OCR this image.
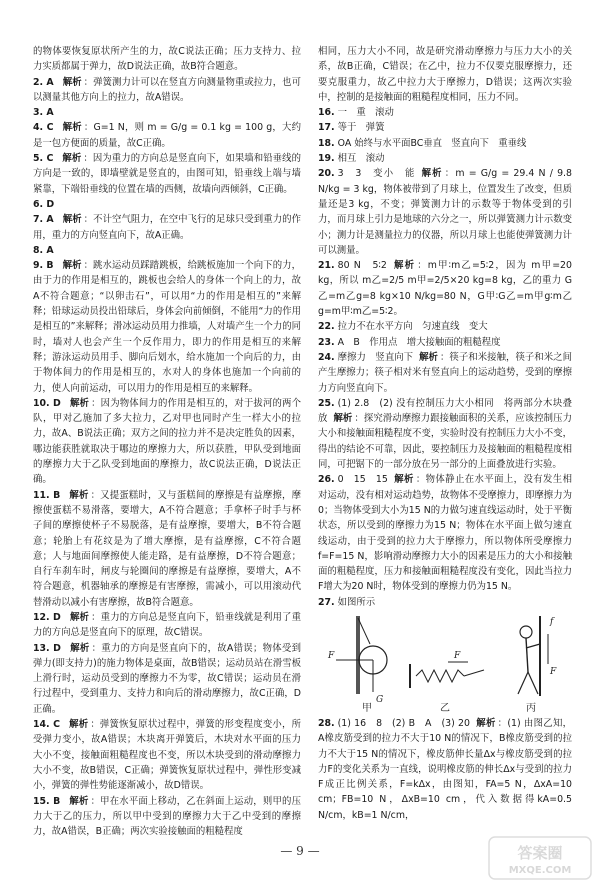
的物体要恢复原状所产生的力，故C说法正确；压力支持力、拉力实质都属于弹力，故D说法正确，故B符合题意。

2. A 解析 ：弹簧测力计可以在竖直方向测量物重或拉力，也可以测量其他方向上的拉力，故A错误。

3. A

4. C 解析 ：G=1 N，则 m = G/g = 0.1 kg = 100 g，大约是一包方便面的质量，故C正确。

5. C 解析 ：因为重力的方向总是竖直向下，如果墙和铅垂线的方向是一致的，即墙壁就是竖直的，由图可知，铅垂线上端与墙紧靠，下端铅垂线的位置在墙的西侧，故墙向西倾斜，C正确。

6. D

7. A 解析 ：不计空气阻力，在空中飞行的足球只受到重力的作用，重力的方向竖直向下，故A正确。

8. A

9. B 解析 ：跳水运动员踩踏跳板，给跳板施加一个向下的力，由于力的作用是相互的，跳板也会给人的身体一个向上的力，故A不符合题意；“以卵击石”，可以用“力的作用是相互的”来解释；铅球运动员投出铅球后，身体会向前倾倒，不能用“力的作用是相互的”来解释；滑冰运动员用力推墙，人对墙产生一个力的同时，墙对人也会产生一个反作用力，即力的作用是相互的来解释；游泳运动员用手、脚向后划水，给水施加一个向后的力，由于物体间力的作用是相互的，水对人的身体也施加一个向前的力，使人向前运动，可以用力的作用是相互的来解释。

10. D 解析 ：因为物体间力的作用是相互的，对于拔河的两个队，甲对乙施加了多大拉力，乙对甲也同时产生一样大小的拉力，故A、B说法正确；双方之间的拉力并不是决定胜负的因素，哪边能获胜就取决于哪边的摩擦力大，所以获胜，甲队受到地面的摩擦力大于乙队受到地面的摩擦力，故C说法正确，D说法正确。

11. B 解析 ：又提蛋糕时，又与蛋糕间的摩擦是有益摩擦，摩擦使蛋糕不易滑落，要增大，A不符合题意；手拿杯子时手与杯子间的摩擦使杯子不易脱落，是有益摩擦，要增大，B不符合题意；轮胎上有花纹是为了增大摩擦，是有益摩擦，C不符合题意；人与地面间摩擦使人能走路，是有益摩擦，D不符合题意；自行车刹车时，闸皮与轮圈间的摩擦是有益摩擦，要增大，A不符合题意，机器轴承的摩擦是有害摩擦，需减小，可以用滚动代替滑动以减小有害摩擦，故B符合题意。

12. D 解析 ：重力的方向总是竖直向下，铅垂线就是利用了重力的方向总是竖直向下的原理，故C错误。

13. D 解析 ：重力的方向是竖直向下的，故A错误；物体受到弹力(即支持力)的施力物体是桌面，故B错误；运动员站在滑雪板上滑行时，运动员受到的摩擦力不为零，故C错误；运动员在滑行过程中，受到重力、支持力和向后的滑动摩擦力，故C正确，D正确。

14. C 解析 ：弹簧恢复原状过程中，弹簧的形变程度变小，所受弹力变小，故A错误；木块离开弹簧后，木块对水平面的压力大小不变，接触面粗糙程度也不变，所以木块受到的滑动摩擦力大小不变，故B错误，C正确；弹簧恢复原状过程中，弹性形变减小，弹簧的弹性势能逐渐减小，故D错误。

15. B 解析 ：甲在水平面上移动，乙在斜面上运动，则甲的压力大于乙的压力，所以甲中受到的摩擦力大于乙中受到的摩擦力，故A错误，B正确；两次实验接触面的粗糙程度

相同，压力大小不同，故是研究滑动摩擦力与压力大小的关系，故B正确，C错误；在乙中，拉力不仅要克服摩擦力，还要克服重力，故乙中拉力大于摩擦力，D错误；这两次实验中，控制的是接触面的粗糙程度相同，压力不同。

16. 一　重　滚动

17. 等于　弹簧

18. OA 始终与水平面BC垂直　竖直向下　重垂线

19. 相互　滚动

20. 3　3　变小　能 解析 ：m = G/g = 29.4 N / 9.8 N/kg = 3 kg，物体被带到了月球上，位置发生了改变，但质量还是3 kg，不变；弹簧测力计的示数等于物体受到的引力，而月球上引力是地球的六分之一，所以弹簧测力计示数变小；测力计是测量拉力的仪器，所以月球上也能使弹簧测力计可以测量。

21. 80 N　5∶2 解析 ：m甲∶m乙=5∶2，因为 m甲=20 kg，所以 m乙=2/5 m甲=2/5×20 kg=8 kg，乙的重力 G乙=m乙g=8 kg×10 N/kg=80 N，G甲∶G乙=m甲g∶m乙g=m甲∶m乙=5∶2。

22. 拉力不在水平方向　匀速直线　变大

23. A　B　作用点　增大接触面的粗糙程度

24. 摩擦力　竖直向下 解析 ：筷子和米接触，筷子和米之间产生摩擦力；筷子相对米有竖直向上的运动趋势，受到的摩擦力方向竖直向下。

25. (1) 2.8　(2) 没有控制压力大小相同　将两部分木块叠放 解析 ：探究滑动摩擦力跟接触面积的关系，应该控制压力大小和接触面粗糙程度不变，实验时没有控制压力大小不变，得出的结论不可靠，因此，要控制压力及接触面的粗糙程度相同，可把锯下的一部分放在另一部分的上面叠放进行实验。

26. 0　15　15 解析 ：物体静止在水平面上，没有发生相对运动，没有相对运动趋势，故物体不受摩擦力，即摩擦力为0；当物体受到大小为15 N的力做匀速直线运动时，处于平衡状态，所以受到的摩擦力为15 N；物体在水平面上做匀速直线运动，由于受到的拉力大于摩擦力，所以物体所受摩擦力f=F=15 N，影响滑动摩擦力大小的因素是压力的大小和接触面的粗糙程度，压力和接触面粗糙程度没有变化，因此当拉力F增大为20 N时，物体受到的摩擦力仍为15 N。

27. 如图所示

F
G
F
f
F
甲	乙	丙

28. (1) 16　8　(2) B　A　(3) 20 解析 ：(1) 由图乙知，A橡皮筋受到的拉力不大于10 N的情况下，B橡皮筋受到的拉力不大于15 N的情况下，橡皮筋伸长量Δx与橡皮筋受到的拉力F的变化关系为一直线，说明橡皮筋的伸长Δx与受到的拉力F成正比例关系，F=kΔx，由图知，FA=5 N，ΔxA=10 cm；FB=10 N，ΔxB=10 cm，代入数据得kA=0.5 N/cm，kB=1 N/cm，

— 9 —	答案圈
MXQE.COM
